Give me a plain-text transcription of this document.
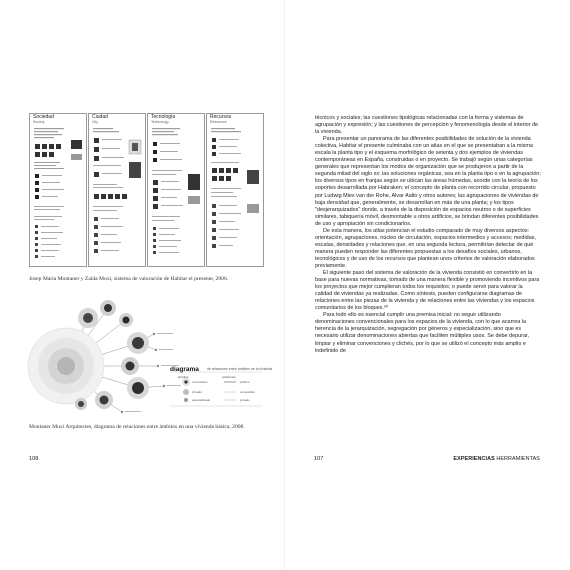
Sociedad
Society
Ciudad
City
Tecnología
Technology
Recursos
Resources
Josep Maria Montaner y Zaida Muxí, sistema de valoración de Habitar el presente, 2006.
diagrama de relaciones entre ámbitos de la vivienda
ámbitos	relaciones
comunitario
privado
especializado
público
compartido
privado
Montaner Muxí Arquitectes, diagrama de relaciones entre ámbitos en una vivienda básica, 2008.
108

técnicos y sociales; las cuestiones tipológicas relacionadas con la forma y sistemas de agrupación y expresión; y las cuestiones de percepción y fenomenología desde el interior de la vivienda.

Para presentar un panorama de las diferentes posibilidades de solución de la vivienda colectiva, Habitar el presente culminaba con un atlas en el que se presentaban a la misma escala la planta tipo y el esquema morfológico de setenta y dos ejemplos de viviendas contemporáneas en España, construidas o en proyecto. Se trabajó según unas categorías generales que representan los modos de organización que se produjeron a partir de la segunda mitad del siglo xx: las soluciones orgánicas, sea en la planta tipo o en la agrupación; los diversos tipos en franjas según se ubican las áreas húmedas, acorde con la teoría de los soportes desarrollada por Habraken; el concepto de planta con recorrido circular, propuesto por Ludwig Mies van der Rohe, Alvar Aalto y otros autores; las agrupaciones de viviendas de baja densidad que, generalmente, se desarrollan en más de una planta; y los tipos "desjerarquizados" donde, a través de la disposición de espacios neutros o de superficies similares, tabiquería móvil, desmontable u otros artificios, se brindan diferentes posibilidades de uso y apropiación sin condicionarlos.

De esta manera, los atlas potencian el estudio comparado de muy diversos aspectos: orientación, agrupaciones, núcleo de circulación, espacios intermedios y accesos; medidas, escalas, densidades y relaciones que, en una segunda lectura, permitirían detectar de qué manera pueden responder las diferentes propuestas a los desafíos sociales, urbanos, tecnológicos y de uso de los recursos que plantean unos criterios de valoración elaborados previamente.

El siguiente paso del sistema de valoración de la vivienda consistió en convertirlo en la base para nuevas normativas, tomado de una manera flexible y promoviendo incentivos para los proyectos que mejor cumplieran todos los requisitos; o puede servir para valorar la calidad de viviendas ya realizadas. Como síntesis, pueden configurarse diagramas de relaciones entre las piezas de la vivienda y de relaciones entre las viviendas y los espacios comunitarios de los bloques.²⁰

Para todo ello es esencial cumplir una premisa inicial: no seguir utilizando denominaciones convencionales para los espacios de la vivienda, con lo que acarrea la herencia de la jerarquización, segregación por géneros y especialización, sino que es necesario utilizar denominaciones abiertas que faciliten múltiples usos. Se debe depurar, limpiar y eliminar convenciones y clichés, por lo que se utilizó el concepto más amplio e indefinido de

107	EXPERIENCIAS HERRAMIENTAS
